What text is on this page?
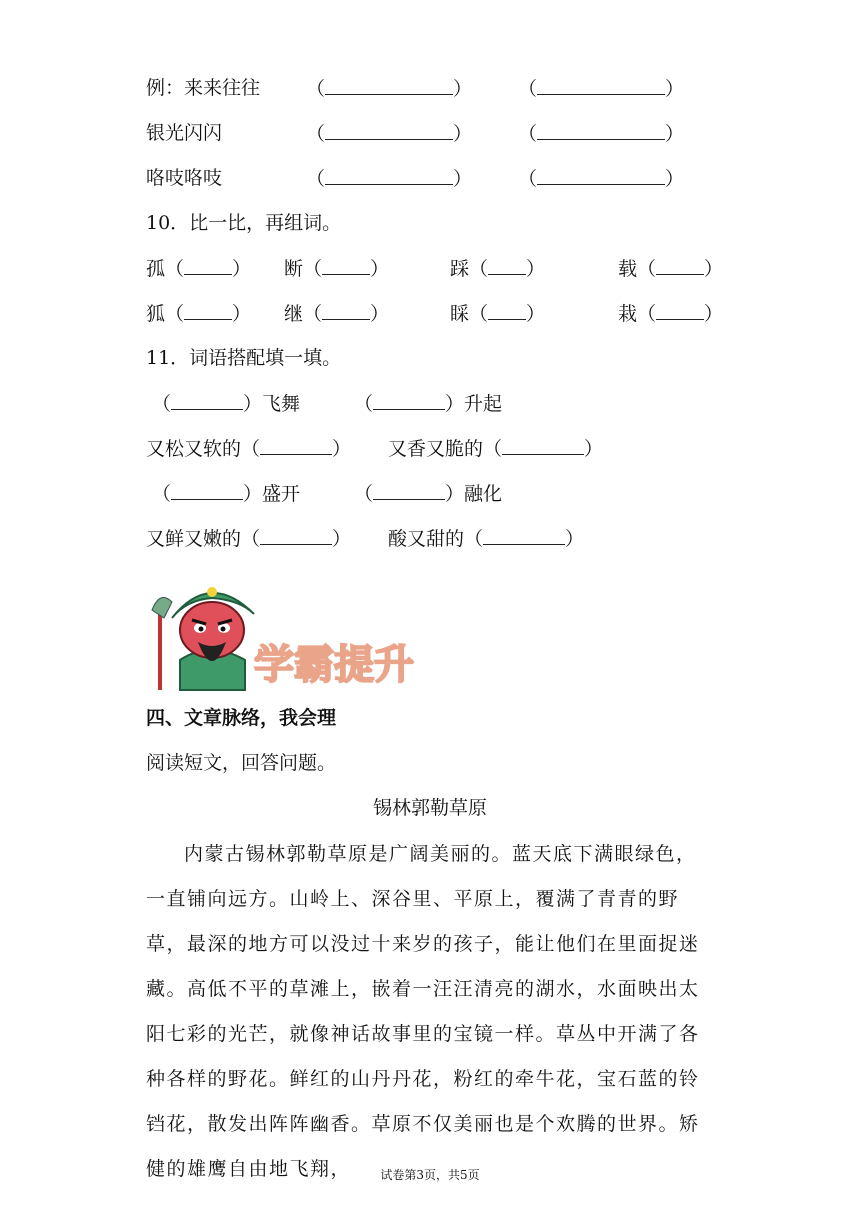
例：来来往往 （	） （	）
银光闪闪	（	） （	）
咯吱咯吱	（	） （	）
10．比一比，再组词。
孤（	） 断（	）	踩（ ）	载（	）
狐（	） 继（	）	睬（ ）	栽（	）
11．词语搭配填一填。
（	）飞舞	（	）升起
又松又软的（	） 又香又脆的（	）
（	）盛开	（	）融化
又鲜又嫩的（	） 酸又甜的（	）
学霸提升
四、文章脉络，我会理
阅读短文，回答问题。
锡林郭勒草原
内蒙古锡林郭勒草原是广阔美丽的。蓝天底下满眼绿色，一直铺向远方。山岭上、深谷里、平原上，覆满了青青的野草，最深的地方可以没过十来岁的孩子，能让他们在里面捉迷藏。高低不平的草滩上，嵌着一汪汪清亮的湖水，水面映出太阳七彩的光芒，就像神话故事里的宝镜一样。草丛中开满了各种各样的野花。鲜红的山丹丹花，粉红的牵牛花，宝石蓝的铃铛花，散发出阵阵幽香。草原不仅美丽也是个欢腾的世界。矫健的雄鹰自由地飞翔，	试卷第3页，共5页
